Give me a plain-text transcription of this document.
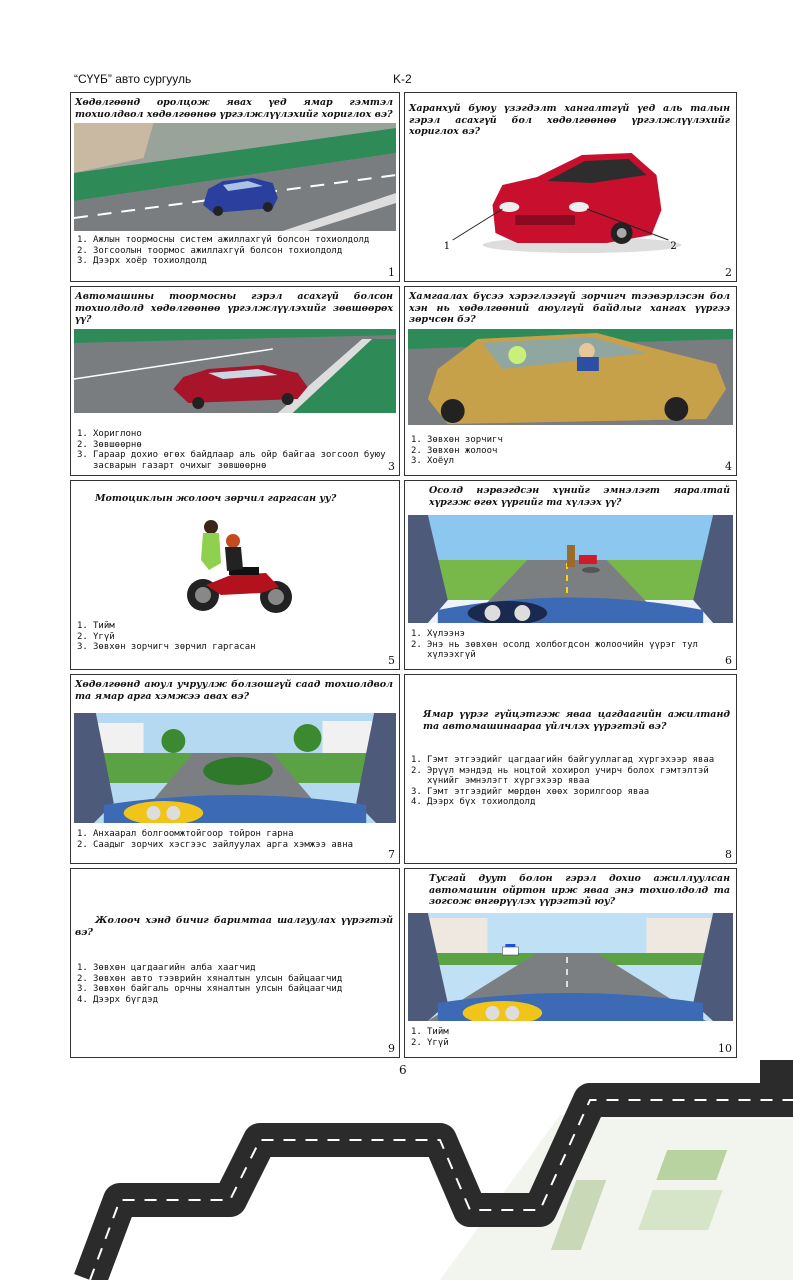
“СҮҮБ” авто сургууль	K-2
Хөдөлгөөнд оролцож явах үед ямар гэмтэл тохиолдвол хөдөлгөөнөө үргэлжлүүлэхийг хориглох вэ?
1. Ажлын тоормосны систем ажиллахгүй болсон тохиолдолд
2. Зогсоолын тоормос ажиллахгүй болсон тохиолдолд
3. Дээрх хоёр тохиолдолд
1
Харанхуй буюу үзэгдэлт хангалтгүй үед аль талын гэрэл асахгүй бол хөдөлгөөнөө үргэлжлүүлэхийг хориглох вэ?
1	2
2
Автомашины тоормосны гэрэл асахгүй болсон тохиолдолд хөдөлгөөнөө үргэлжлүүлэхийг зөвшөөрөх үү?
1. Хориглоно
2. Зөвшөөрнө
3. Гараар дохио өгөх байдлаар аль ойр байгаа зогсоол буюу засварын газарт очихыг зөвшөөрнө	3
Хамгаалах бүсээ хэрэглээгүй зорчигч тээвэрлэсэн бол хэн нь хөдөлгөөний аюулгүй байдлыг хангах үүргээ зөрчсөн бэ?
1. Зөвхөн зорчигч
2. Зөвхөн жолооч
3. Хоёул	4
Мотоциклын жолооч зөрчил гаргасан уу?
1. Тийм
2. Үгүй
3. Зөвхөн зорчигч зөрчил гаргасан
5
Осолд нэрвэгдсэн хүнийг эмнэлэгт яаралтай хүргэж өгөх үүргийг та хүлээх үү?
1. Хүлээнэ
2. Энэ нь зөвхөн осолд холбогдсон жолоочийн үүрэг тул хүлээхгүй	6
Хөдөлгөөнд аюул учруулж болзошгүй саад тохиолдвол та ямар арга хэмжээ авах вэ?
1. Анхаарал болгоомжтойгоор тойрон гарна
2. Саадыг зорчих хэсгээс зайлуулах арга хэмжээ авна
7
Ямар үүрэг гүйцэтгэж яваа цагдаагийн ажилтанд та автомашинаараа үйлчлэх үүрэгтэй вэ?
1. Гэмт этгээдийг цагдаагийн байгууллагад хүргэхээр яваа
2. Эрүүл мэндэд нь ноцтой хохирол учирч болох гэмтэлтэй хүнийг эмнэлэгт хүргэхээр яваа
3. Гэмт этгээдийг мөрдөн хөөх зорилгоор яваа
4. Дээрх бүх тохиолдолд
8
Жолооч хэнд бичиг баримтаа шалгуулах үүрэгтэй вэ?
1. Зөвхөн цагдаагийн алба хаагчид
2. Зөвхөн авто тээврийн хяналтын улсын байцаагчид
3. Зөвхөн байгаль орчны хяналтын улсын байцаагчид
4. Дээрх бүгдэд
9
Тусгай дуут болон гэрэл дохио ажиллуулсан автомашин ойртон ирж яваа энэ тохиолдолд та зогсож өнгөрүүлэх үүрэгтэй юу?
1. Тийм
2. Үгүй	10
6
